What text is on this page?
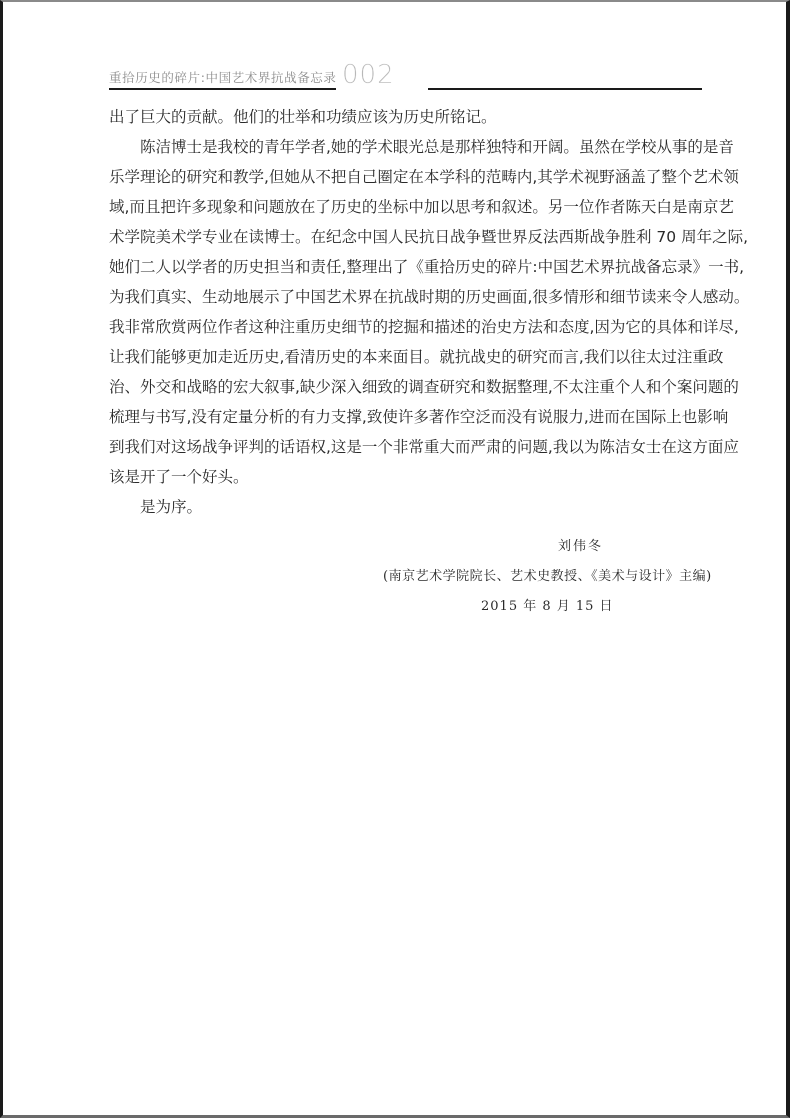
重拾历史的碎片:中国艺术界抗战备忘录 002
出了巨大的贡献。他们的壮举和功绩应该为历史所铭记。
陈洁博士是我校的青年学者,她的学术眼光总是那样独特和开阔。虽然在学校从事的是音
乐学理论的研究和教学,但她从不把自己圈定在本学科的范畴内,其学术视野涵盖了整个艺术领
域,而且把许多现象和问题放在了历史的坐标中加以思考和叙述。另一位作者陈天白是南京艺
术学院美术学专业在读博士。在纪念中国人民抗日战争暨世界反法西斯战争胜利 70 周年之际,
她们二人以学者的历史担当和责任,整理出了《重拾历史的碎片:中国艺术界抗战备忘录》一书,
为我们真实、生动地展示了中国艺术界在抗战时期的历史画面,很多情形和细节读来令人感动。
我非常欣赏两位作者这种注重历史细节的挖掘和描述的治史方法和态度,因为它的具体和详尽,
让我们能够更加走近历史,看清历史的本来面目。就抗战史的研究而言,我们以往太过注重政
治、外交和战略的宏大叙事,缺少深入细致的调查研究和数据整理,不太注重个人和个案问题的
梳理与书写,没有定量分析的有力支撑,致使许多著作空泛而没有说服力,进而在国际上也影响
到我们对这场战争评判的话语权,这是一个非常重大而严肃的问题,我以为陈洁女士在这方面应
该是开了一个好头。
是为序。
刘伟冬
(南京艺术学院院长、艺术史教授、《美术与设计》主编)
2015 年 8 月 15 日
